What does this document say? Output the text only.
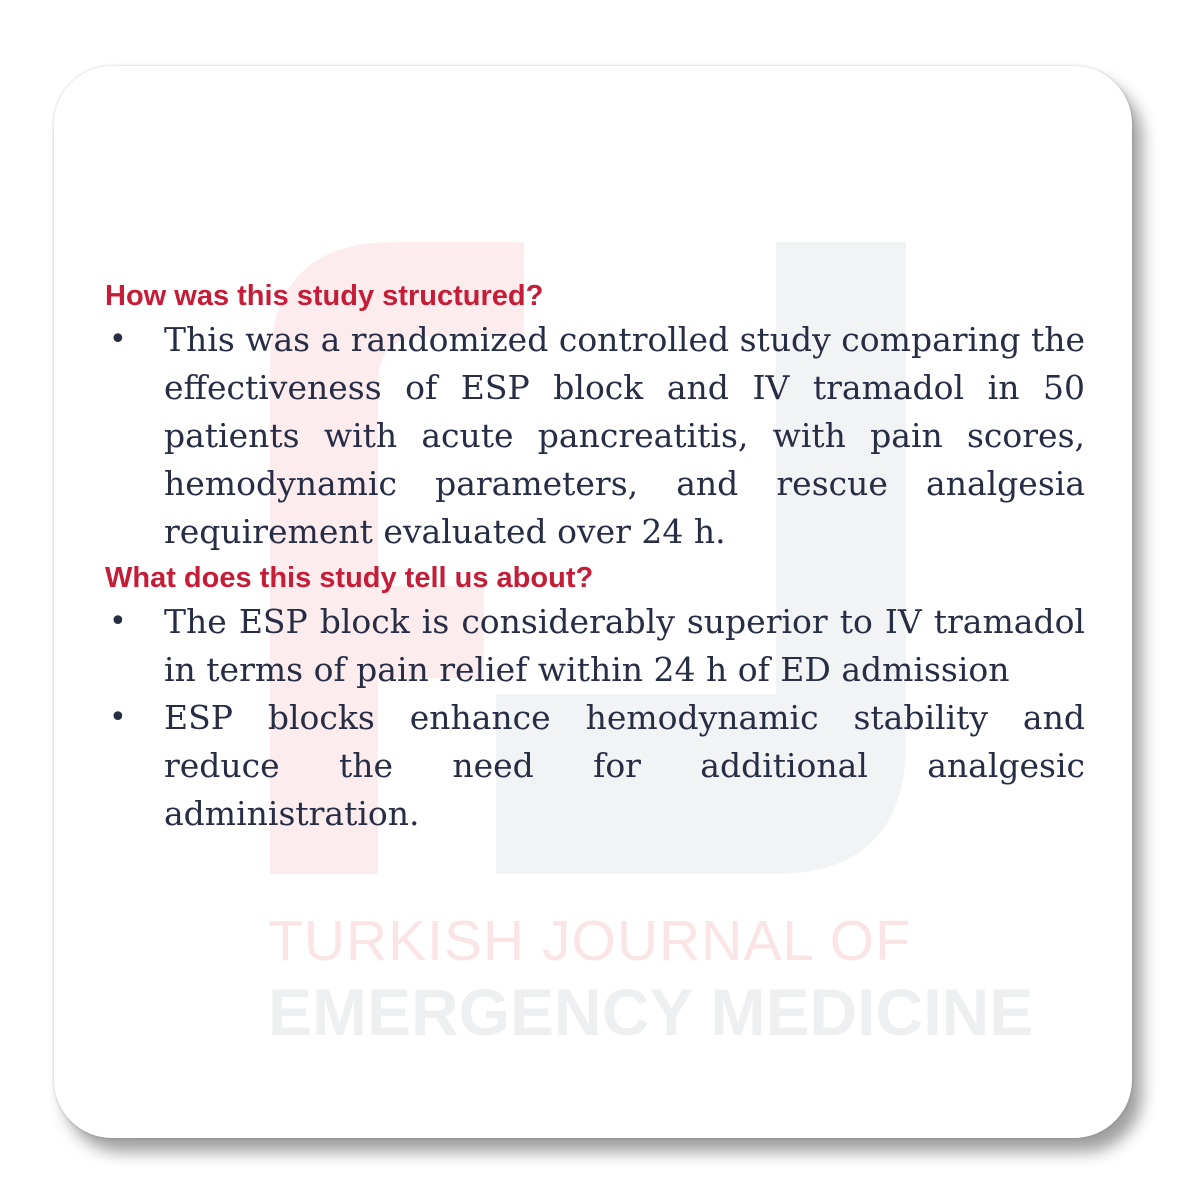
TURKISH JOURNAL OF
EMERGENCY MEDICINE
How was this study structured?
• This was a randomized controlled study comparing the effectiveness of ESP block and IV tramadol in 50 patients with acute pancreatitis, with pain scores, hemodynamic parameters, and rescue analgesia requirement evaluated over 24 h.
What does this study tell us about?
• The ESP block is considerably superior to IV tramadol in terms of pain relief within 24 h of ED admission
• ESP blocks enhance hemodynamic stability and reduce the need for additional analgesic administration.
